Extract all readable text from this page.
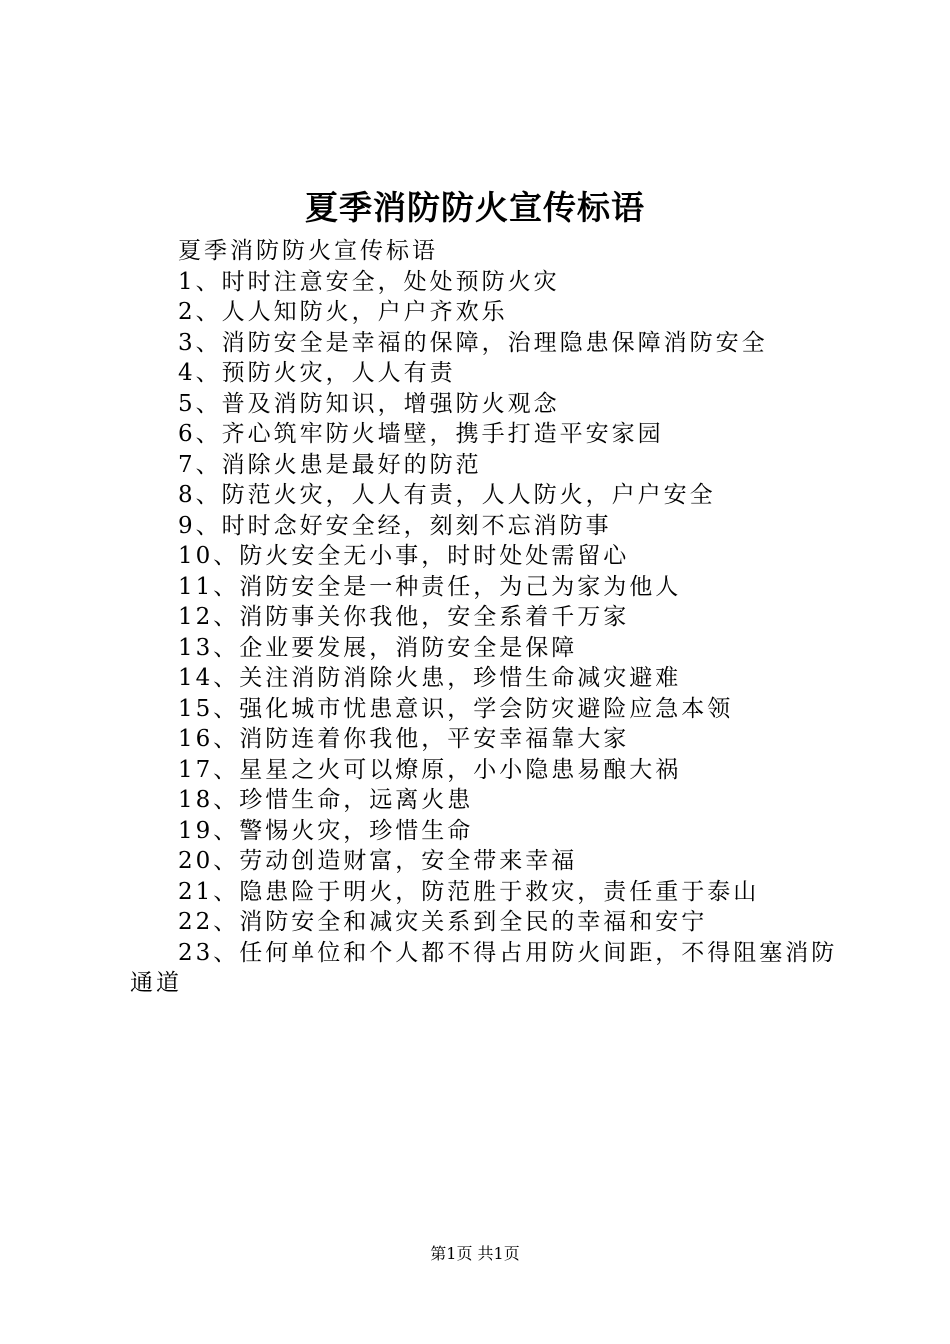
夏季消防防火宣传标语
夏季消防防火宣传标语
1、时时注意安全，处处预防火灾
2、人人知防火，户户齐欢乐
3、消防安全是幸福的保障，治理隐患保障消防安全
4、预防火灾，人人有责
5、普及消防知识，增强防火观念
6、齐心筑牢防火墙壁，携手打造平安家园
7、消除火患是最好的防范
8、防范火灾，人人有责，人人防火，户户安全
9、时时念好安全经，刻刻不忘消防事
10、防火安全无小事，时时处处需留心
11、消防安全是一种责任，为己为家为他人
12、消防事关你我他，安全系着千万家
13、企业要发展，消防安全是保障
14、关注消防消除火患，珍惜生命减灾避难
15、强化城市忧患意识，学会防灾避险应急本领
16、消防连着你我他，平安幸福靠大家
17、星星之火可以燎原，小小隐患易酿大祸
18、珍惜生命，远离火患
19、警惕火灾，珍惜生命
20、劳动创造财富，安全带来幸福
21、隐患险于明火，防范胜于救灾，责任重于泰山
22、消防安全和减灾关系到全民的幸福和安宁
23、任何单位和个人都不得占用防火间距，不得阻塞消防通道
第1页 共1页
